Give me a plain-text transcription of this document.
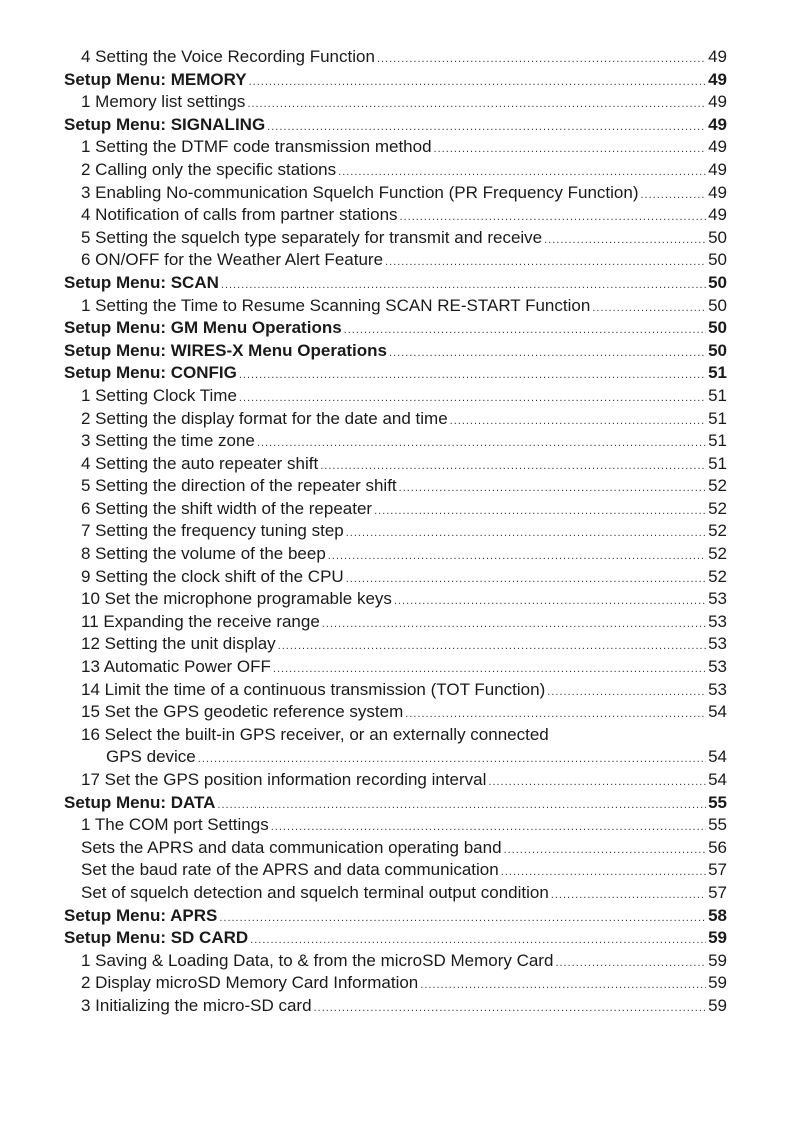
4 Setting the Voice Recording Function .....	49
Setup Menu: MEMORY .....	49
1 Memory list settings .....	49
Setup Menu: SIGNALING .....	49
1 Setting the DTMF code transmission method .....	49
2 Calling only the specific stations .....	49
3 Enabling No-communication Squelch Function (PR Frequency Function) .....	49
4 Notification of calls from partner stations .....	49
5 Setting the squelch type separately for transmit and receive .....	50
6 ON/OFF for the Weather Alert Feature .....	50
Setup Menu: SCAN .....	50
1 Setting the Time to Resume Scanning SCAN RE-START Function .....	50
Setup Menu: GM Menu Operations .....	50
Setup Menu: WIRES-X Menu Operations .....	50
Setup Menu: CONFIG .....	51
1 Setting Clock Time .....	51
2 Setting the display format for the date and time .....	51
3 Setting the time zone .....	51
4 Setting the auto repeater shift .....	51
5 Setting the direction of the repeater shift .....	52
6 Setting the shift width of the repeater .....	52
7 Setting the frequency tuning step .....	52
8 Setting the volume of the beep .....	52
9 Setting the clock shift of the CPU .....	52
10 Set the microphone programable keys .....	53
11 Expanding the receive range .....	53
12 Setting the unit display .....	53
13 Automatic Power OFF .....	53
14 Limit the time of a continuous transmission (TOT Function) .....	53
15 Set the GPS geodetic reference system .....	54
16 Select the built-in GPS receiver, or an externally connected
GPS device .....	54
17 Set the GPS position information recording interval .....	54
Setup Menu: DATA .....	55
1 The COM port Settings .....	55
Sets the APRS and data communication operating band .....	56
Set the baud rate of the APRS and data communication .....	57
Set of squelch detection and squelch terminal output condition .....	57
Setup Menu: APRS .....	58
Setup Menu: SD CARD .....	59
1 Saving & Loading Data, to & from the microSD Memory Card .....	59
2 Display microSD Memory Card Information .....	59
3 Initializing the micro-SD card .....	59
